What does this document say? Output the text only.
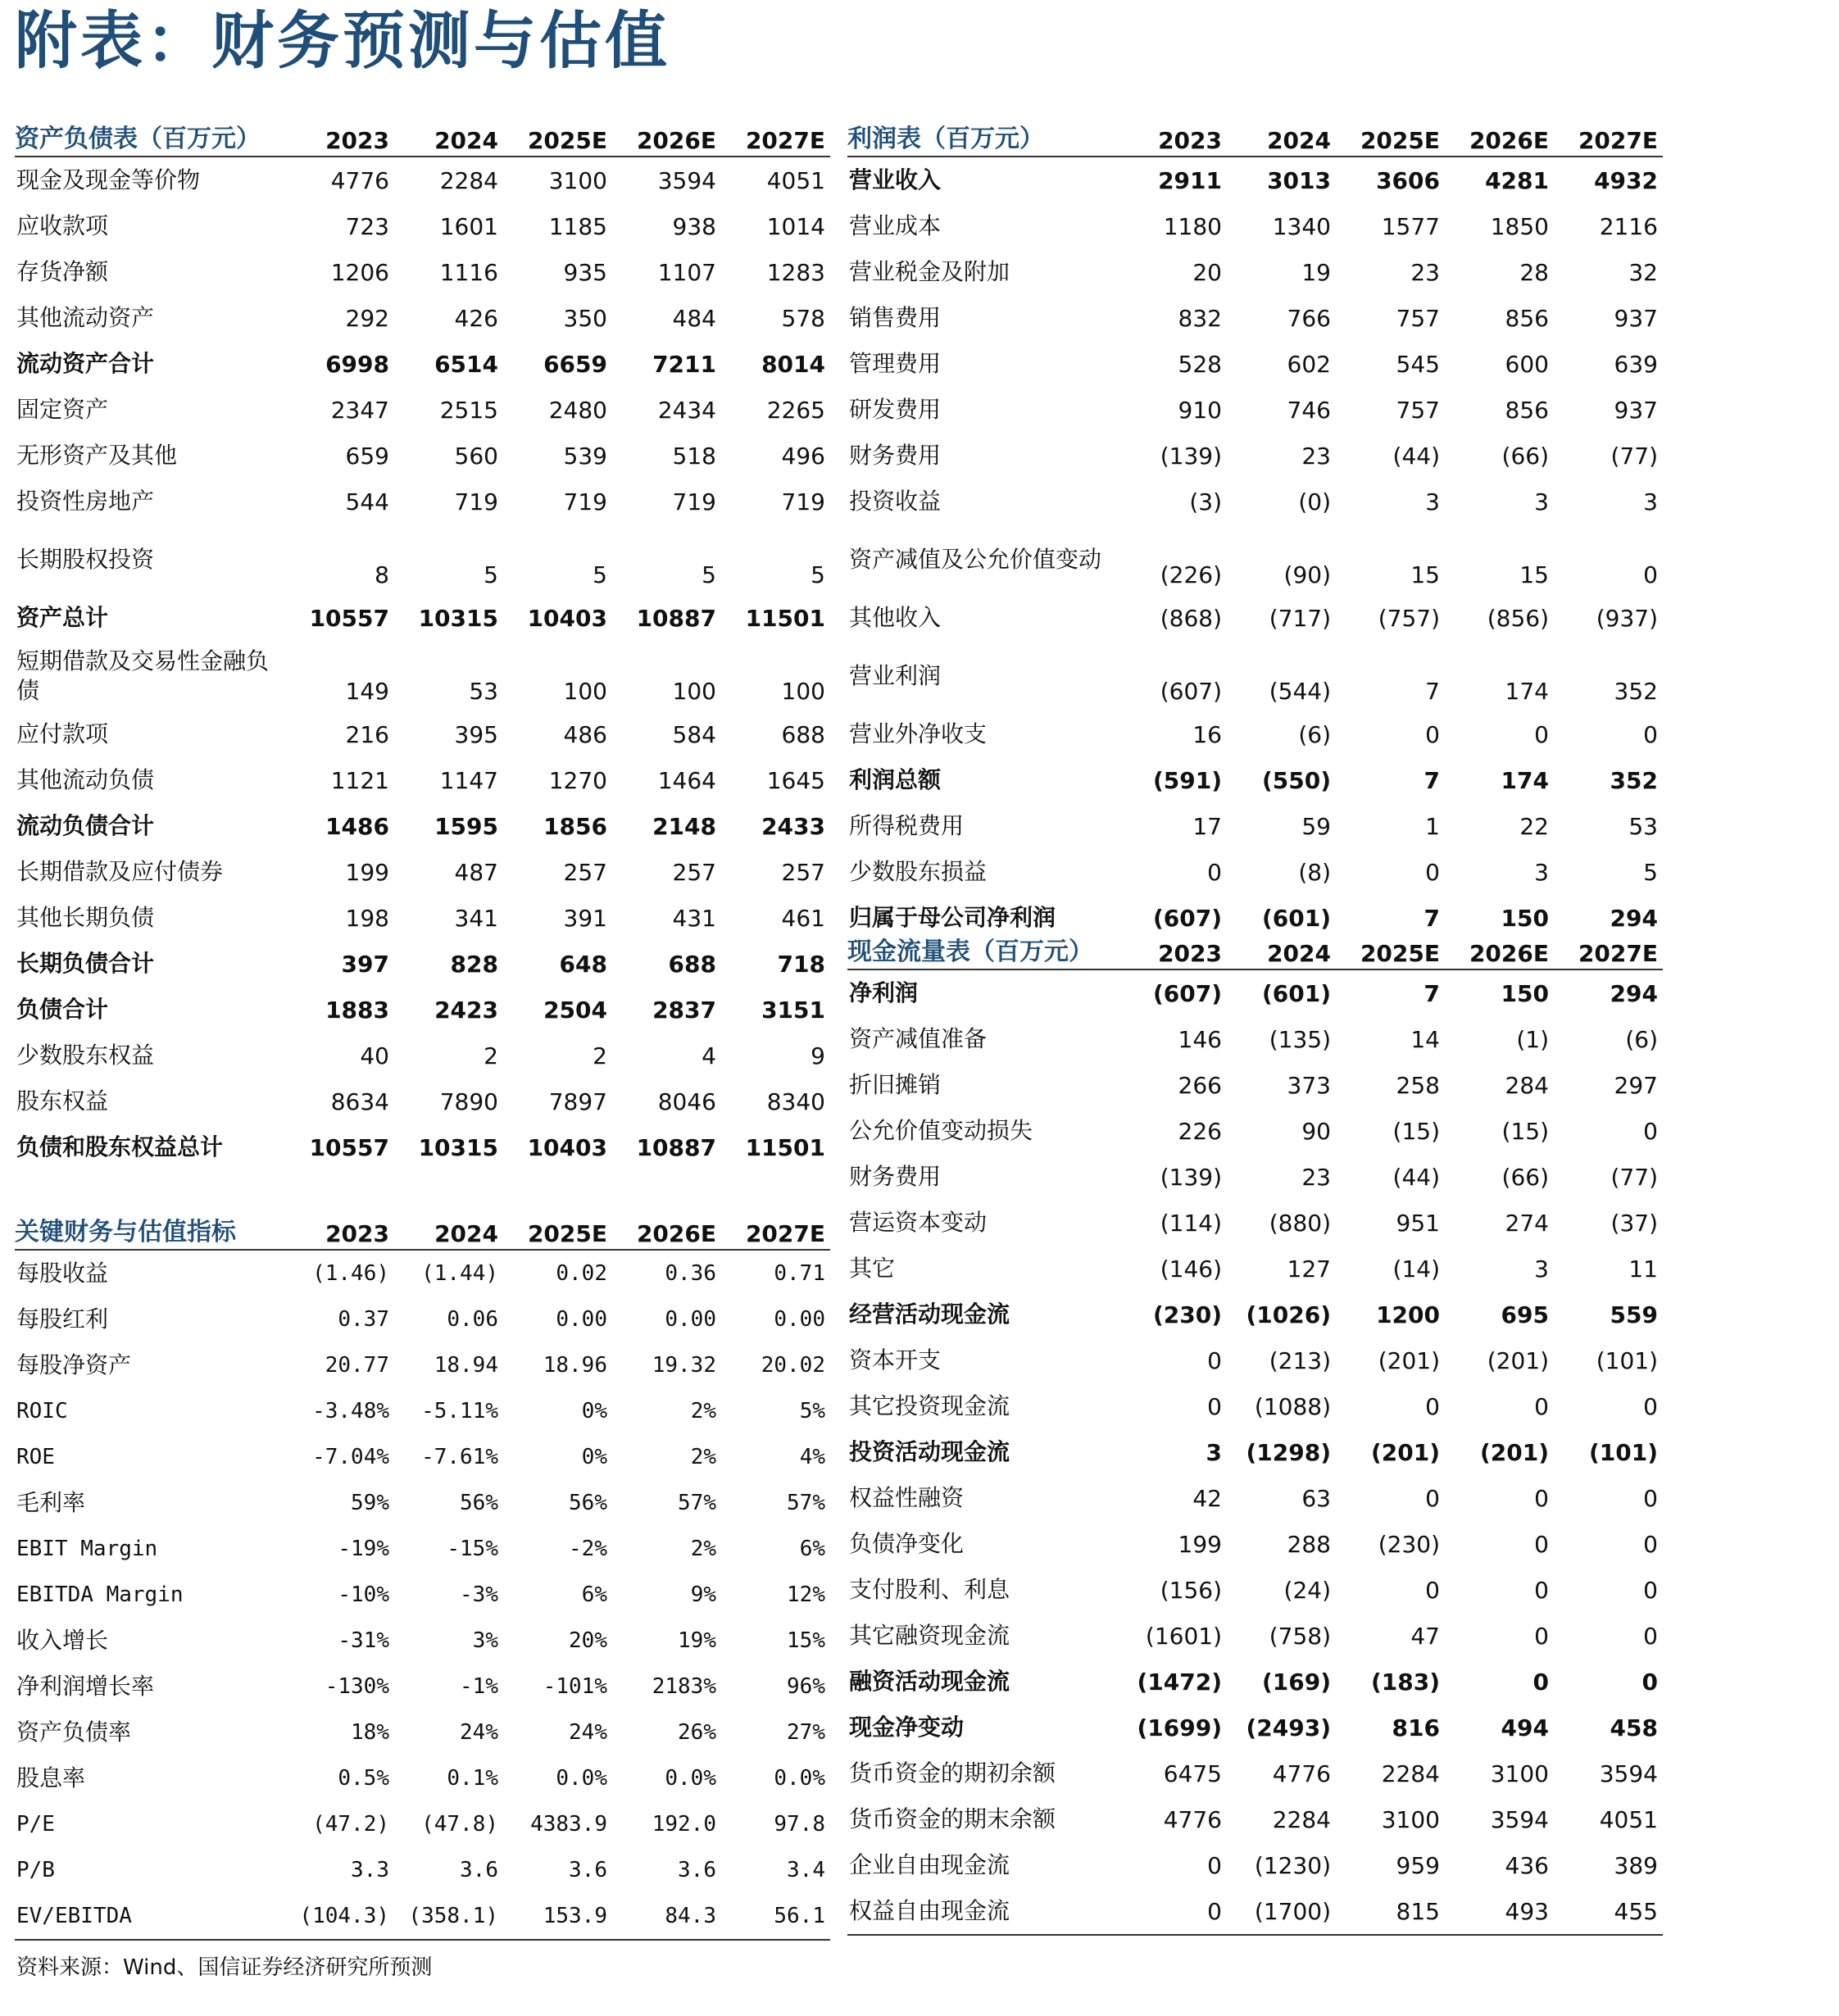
附表：财务预测与估值
资产负债表（百万元）	2023	2024	2025E	2026E	2027E
现金及现金等价物	4776	2284	3100	3594	4051
应收款项	723	1601	1185	938	1014
存货净额	1206	1116	935	1107	1283
其他流动资产	292	426	350	484	578
流动资产合计	6998	6514	6659	7211	8014
固定资产	2347	2515	2480	2434	2265
无形资产及其他	659	560	539	518	496
投资性房地产	544	719	719	719	719
长期股权投资	8	5	5	5	5
资产总计	10557	10315	10403	10887	11501
短期借款及交易性金融负债	149	53	100	100	100
应付款项	216	395	486	584	688
其他流动负债	1121	1147	1270	1464	1645
流动负债合计	1486	1595	1856	2148	2433
长期借款及应付债券	199	487	257	257	257
其他长期负债	198	341	391	431	461
长期负债合计	397	828	648	688	718
负债合计	1883	2423	2504	2837	3151
少数股东权益	40	2	2	4	9
股东权益	8634	7890	7897	8046	8340
负债和股东权益总计	10557	10315	10403	10887	11501
关键财务与估值指标	2023	2024	2025E	2026E	2027E
每股收益	(1.46)	(1.44)	0.02	0.36	0.71
每股红利	0.37	0.06	0.00	0.00	0.00
每股净资产	20.77	18.94	18.96	19.32	20.02
ROIC	-3.48%	-5.11%	0%	2%	5%
ROE	-7.04%	-7.61%	0%	2%	4%
毛利率	59%	56%	56%	57%	57%
EBIT Margin	-19%	-15%	-2%	2%	6%
EBITDA Margin	-10%	-3%	6%	9%	12%
收入增长	-31%	3%	20%	19%	15%
净利润增长率	-130%	-1%	-101%	2183%	96%
资产负债率	18%	24%	24%	26%	27%
股息率	0.5%	0.1%	0.0%	0.0%	0.0%
P/E	(47.2)	(47.8)	4383.9	192.0	97.8
P/B	3.3	3.6	3.6	3.6	3.4
EV/EBITDA	(104.3)	(358.1)	153.9	84.3	56.1
利润表（百万元）	2023	2024	2025E	2026E	2027E
营业收入	2911	3013	3606	4281	4932
营业成本	1180	1340	1577	1850	2116
营业税金及附加	20	19	23	28	32
销售费用	832	766	757	856	937
管理费用	528	602	545	600	639
研发费用	910	746	757	856	937
财务费用	(139)	23	(44)	(66)	(77)
投资收益	(3)	(0)	3	3	3
资产减值及公允价值变动	(226)	(90)	15	15	0
其他收入	(868)	(717)	(757)	(856)	(937)
营业利润	(607)	(544)	7	174	352
营业外净收支	16	(6)	0	0	0
利润总额	(591)	(550)	7	174	352
所得税费用	17	59	1	22	53
少数股东损益	0	(8)	0	3	5
归属于母公司净利润	(607)	(601)	7	150	294
现金流量表（百万元）	2023	2024	2025E	2026E	2027E
净利润	(607)	(601)	7	150	294
资产减值准备	146	(135)	14	(1)	(6)
折旧摊销	266	373	258	284	297
公允价值变动损失	226	90	(15)	(15)	0
财务费用	(139)	23	(44)	(66)	(77)
营运资本变动	(114)	(880)	951	274	(37)
其它	(146)	127	(14)	3	11
经营活动现金流	(230)	(1026)	1200	695	559
资本开支	0	(213)	(201)	(201)	(101)
其它投资现金流	0	(1088)	0	0	0
投资活动现金流	3	(1298)	(201)	(201)	(101)
权益性融资	42	63	0	0	0
负债净变化	199	288	(230)	0	0
支付股利、利息	(156)	(24)	0	0	0
其它融资现金流	(1601)	(758)	47	0	0
融资活动现金流	(1472)	(169)	(183)	0	0
现金净变动	(1699)	(2493)	816	494	458
货币资金的期初余额	6475	4776	2284	3100	3594
货币资金的期末余额	4776	2284	3100	3594	4051
企业自由现金流	0	(1230)	959	436	389
权益自由现金流	0	(1700)	815	493	455
资料来源：Wind、国信证券经济研究所预测
